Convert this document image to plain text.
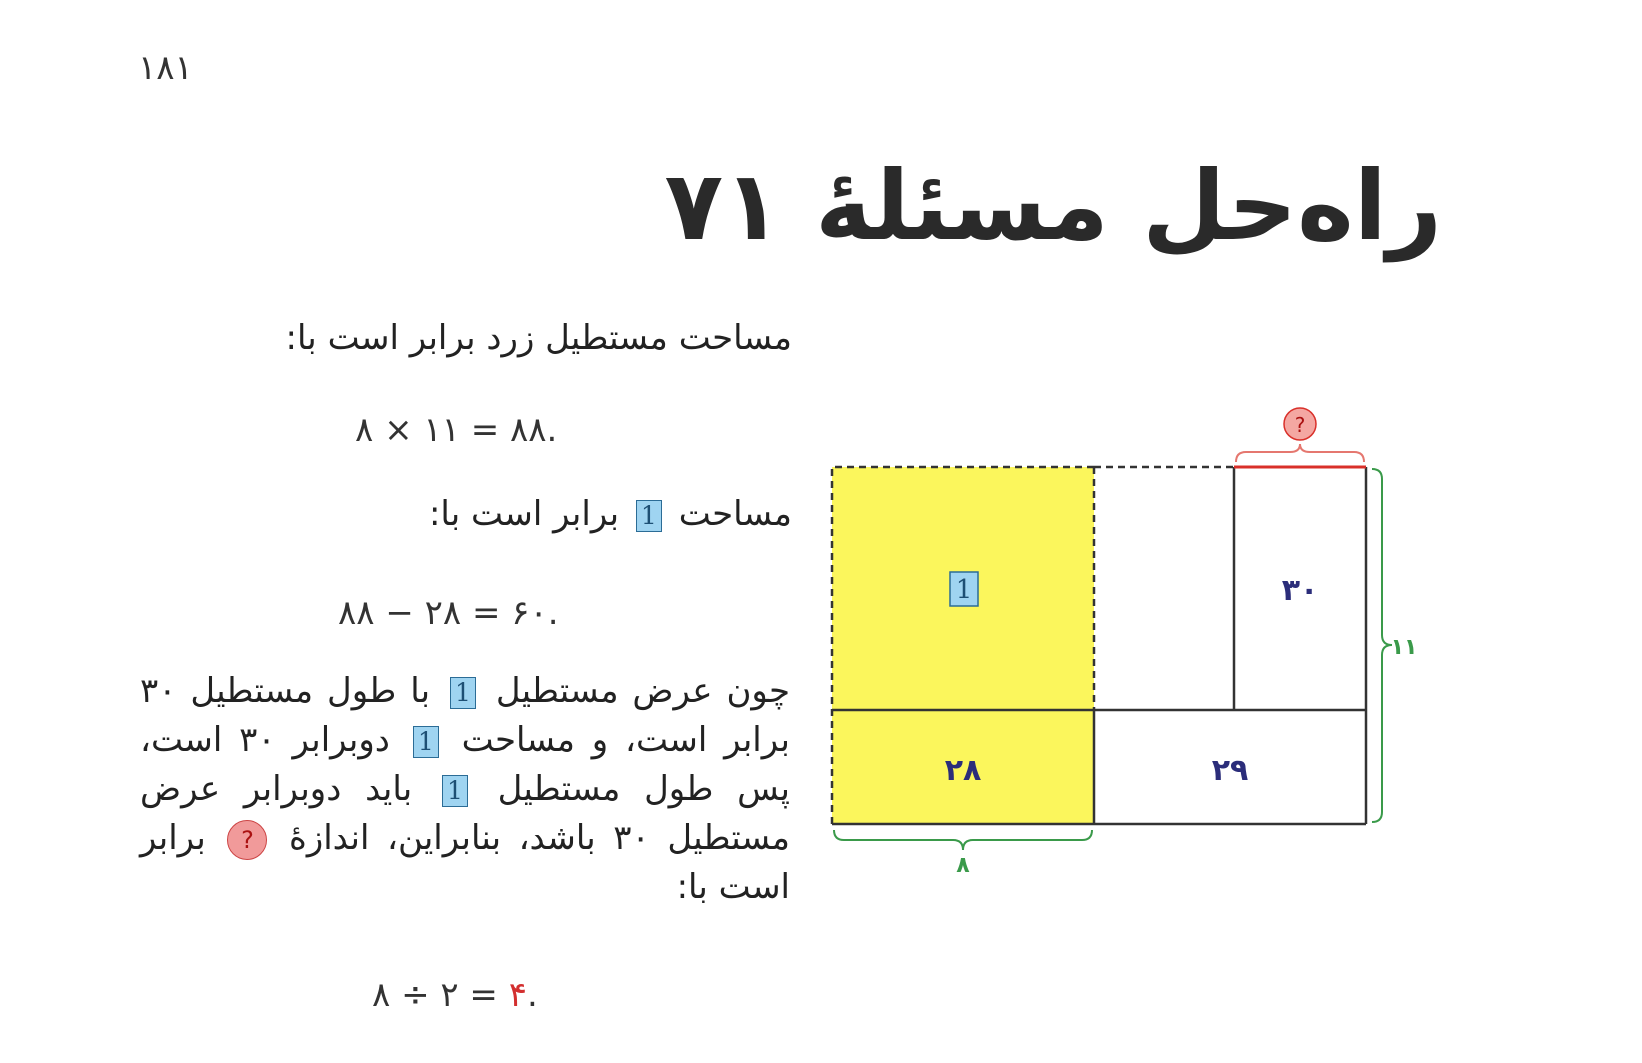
۱۸۱
راه‌حل مسئلهٔ ۷۱
مساحت مستطیل زرد برابر است با:
۸ × ۱۱ = ۸۸.
مساحت 1 برابر است با:
۸۸ − ۲۸ = ۶۰.
چون عرض مستطیل 1 با طول مستطیل ۳۰ برابر است، و مساحت 1 دوبرابر ۳۰ است، پس طول مستطیل 1 باید دوبرابر عرض مستطیل ۳۰ باشد، بنابراین، اندازهٔ ? برابر است با:
۸ ÷ ۲ = ۴.
1	۳۰
۲۸	۲۹
۸
۱۱
?
